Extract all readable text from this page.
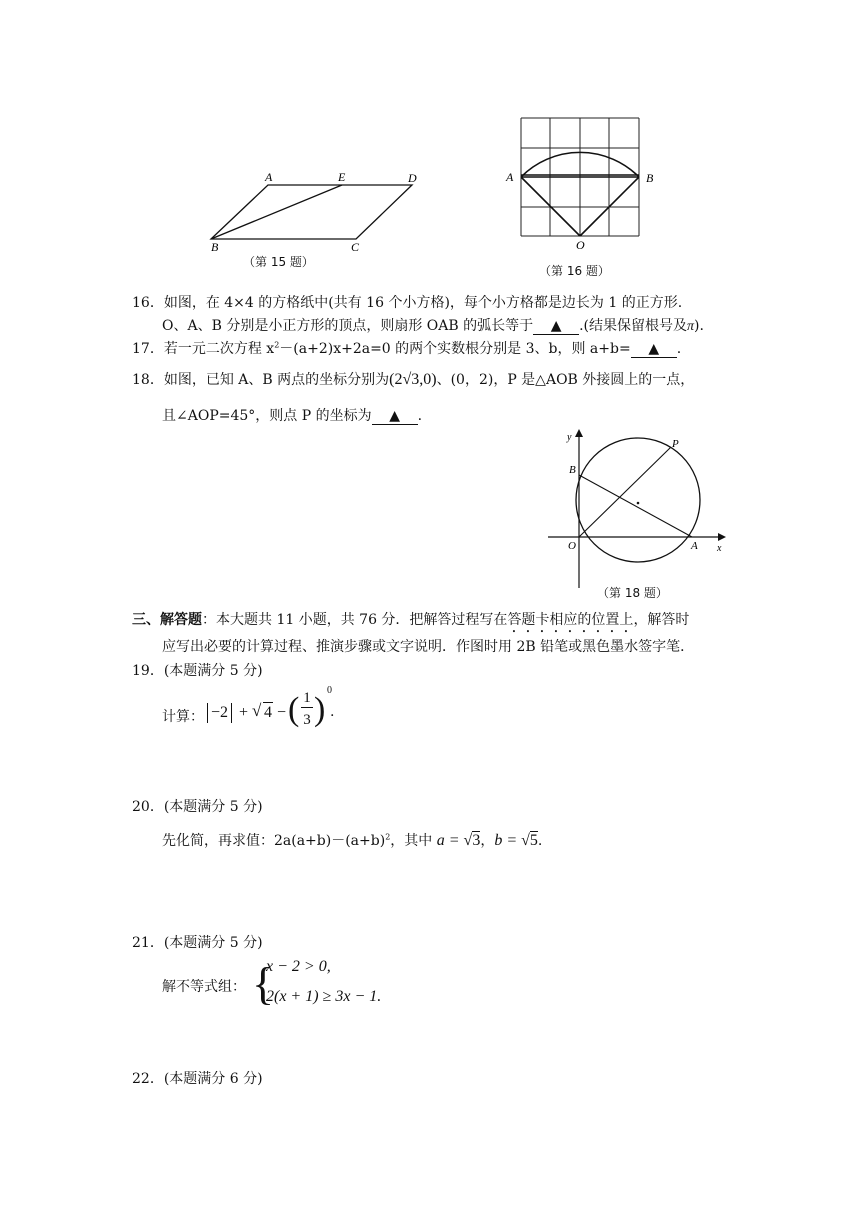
A	E	D
B	C
（第 15 题）
A	B
O
（第 16 题）
16．如图，在 4×4 的方格纸中(共有 16 个小方格)，每个小方格都是边长为 1 的正方形.
O、A、B 分别是小正方形的顶点，则扇形 OAB 的弧长等于 ▲ .(结果保留根号及π).
17．若一元二次方程 $x^2-(a+2)x+2a=0$ 的两个实数根分别是 3、b，则 a+b= ▲ .
18．如图，已知 A、B 两点的坐标分别为(2√3,0)、(0，2)，P 是△AOB 外接圆上的一点，
且∠AOP=45°，则点 P 的坐标为 ▲ .
y
x
P
B
O	A
（第 18 题）
三、解答题：本大题共 11 小题，共 76 分．把解答过程写在答题卡相应的位置上，解答时
应写出必要的计算过程、推演步骤或文字说明．作图时用 2B 铅笔或黑色墨水签字笔．
19．(本题满分 5 分)
计算： −2 + √ 4 − ( 1
3 )
0
.
20．(本题满分 5 分)
先化简，再求值：$2a(a+b)-(a+b)^2$，其中 a = √3，b = √5.
21．(本题满分 5 分)
解不等式组： {
x − 2 > 0,
2(x + 1) ≥ 3x − 1.
22．(本题满分 6 分)
